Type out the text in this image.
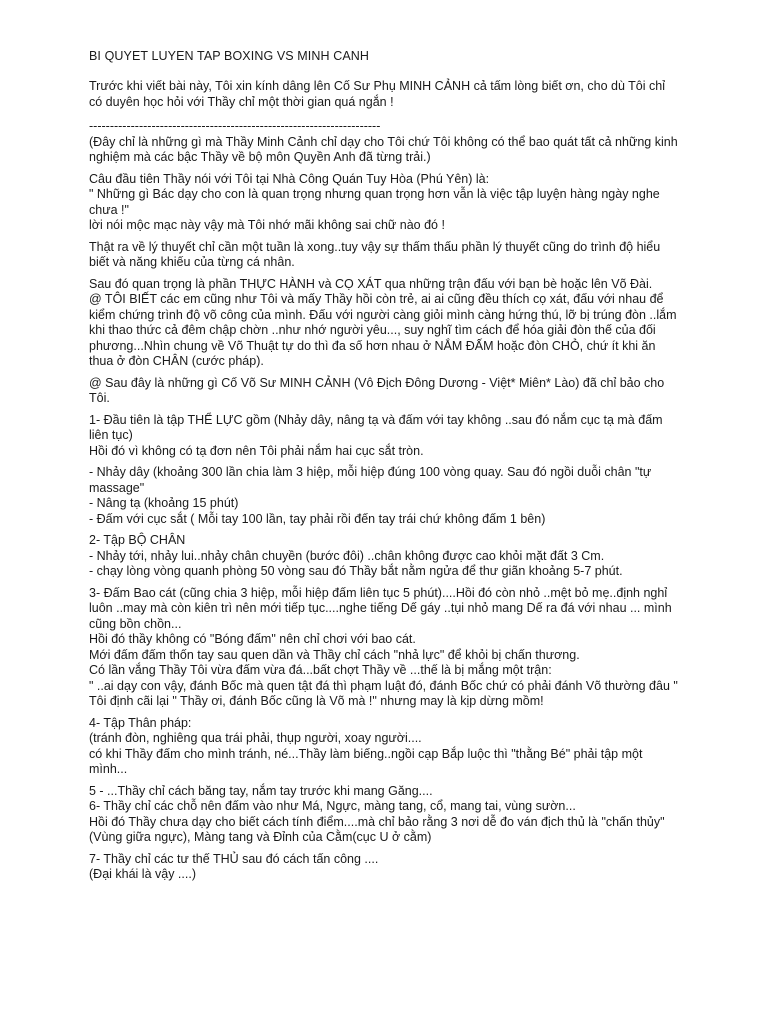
BI QUYET LUYEN TAP BOXING VS MINH CANH
Trước khi viết bài này, Tôi xin kính dâng lên Cố Sư Phụ MINH CẢNH cả tấm lòng biết ơn, cho dù Tôi chỉ
có duyên học hỏi với Thầy chỉ một thời gian quá ngắn !
----------------------------------------------------------------------
(Đây chỉ là những gì mà Thầy Minh Cảnh chỉ dạy cho Tôi chứ Tôi không có thể bao quát tất cả những kinh
nghiệm mà các bậc Thầy về bộ môn Quyền Anh đã từng trải.)
Câu đầu tiên Thầy nói với Tôi tại Nhà Công Quán Tuy Hòa (Phú Yên) là:
" Những gì Bác dạy cho con là quan trọng nhưng quan trọng hơn vẫn là việc tập luyện hàng ngày nghe
chưa !"
lời nói mộc mạc này vậy mà Tôi nhớ mãi không sai chữ nào đó !
Thật ra về lý thuyết chỉ cần một tuần là xong..tuy vậy sự thấm thấu phần lý thuyết cũng do trình độ hiểu
biết và năng khiếu của từng cá nhân.
Sau đó quan trọng là phần THỰC HÀNH và CỌ XÁT qua những trận đấu với bạn bè hoặc lên Võ Đài.
@ TÔI BIẾT các em cũng như Tôi và mấy Thầy hồi còn trẻ, ai ai cũng đều thích cọ xát, đấu với nhau để
kiểm chứng trình độ võ công của mình. Đấu với người càng giỏi mình càng hứng thú, lỡ bị trúng đòn ..lắm
khi thao thức cả đêm chập chờn ..như nhớ người yêu..., suy nghĩ tìm cách để hóa giải đòn thế của đối
phương...Nhìn chung về Võ Thuật tự do thì đa số hơn nhau ở NẮM ĐẤM hoặc đòn CHỎ, chứ ít khi ăn
thua ở đòn CHÂN (cước pháp).
@ Sau đây là những gì Cố Võ Sư MINH CẢNH (Vô Địch Đông Dương - Việt* Miên* Lào) đã chỉ bảo cho
Tôi.
1- Đầu tiên là tập THỂ LỰC gồm (Nhảy dây, nâng tạ và đấm với tay không ..sau đó nắm cục tạ mà đấm
liên tục)
Hồi đó vì không có tạ đơn nên Tôi phải nắm hai cục sắt tròn.
- Nhảy dây (khoảng 300 lần chia làm 3 hiệp, mỗi hiệp đúng 100 vòng quay. Sau đó ngồi duỗi chân "tự
massage"
- Nâng tạ (khoảng 15 phút)
- Đấm với cục sắt ( Mỗi tay 100 lần, tay phải rồi đến tay trái chứ không đấm 1 bên)
2- Tập BỘ CHÂN
- Nhảy tới, nhảy lui..nhảy chân chuyền (bước đôi) ..chân không được cao khỏi mặt đất 3 Cm.
- chạy lòng vòng quanh phòng 50 vòng sau đó Thầy bắt nằm ngửa để thư giãn khoảng 5-7 phút.
3- Đấm Bao cát (cũng chia 3 hiệp, mỗi hiệp đấm liên tục 5 phút)....Hồi đó còn nhỏ ..mệt bỏ mẹ..định nghỉ
luôn ..may mà còn kiên trì nên mới tiếp tục....nghe tiếng Dế gáy ..tụi nhỏ mang Dế ra đá với nhau ... mình
cũng bồn chồn...
Hồi đó thầy không có "Bóng đấm" nên chỉ chơi với bao cát.
Mới đấm đấm thốn tay sau quen dần và Thầy chỉ cách "nhả lực" để khỏi bị chấn thương.
Có lần vắng Thầy Tôi vừa đấm vừa đá...bất chợt Thầy về ...thế là bị mắng một trận:
" ..ai dạy con vậy, đánh Bốc mà quen tật đá thì phạm luật đó, đánh Bốc chứ có phải đánh Võ thường đâu "
Tôi định cãi lại " Thầy ơi, đánh Bốc cũng là Võ mà !" nhưng may là kịp dừng mồm!
4- Tập Thân pháp:
(tránh đòn, nghiêng qua trái phải, thụp người, xoay người....
có khi Thầy đấm cho mình tránh, né...Thầy làm biếng..ngồi cạp Bắp luộc thì "thằng Bé" phải tập một
mình...
5 - ...Thầy chỉ cách băng tay, nắm tay trước khi mang Găng....
6- Thầy chỉ các chỗ nên đấm vào như Má, Ngực, màng tang, cổ, mang tai, vùng sườn...
Hồi đó Thầy chưa dạy cho biết cách tính điểm....mà chỉ bảo rằng 3 nơi dễ đo ván địch thủ là "chấn thủy"
(Vùng giữa ngực), Màng tang và Đỉnh của Cằm(cục U ở cằm)
7- Thầy chỉ các tư thế THỦ sau đó cách tấn công ....
(Đại khái là vậy ....)
